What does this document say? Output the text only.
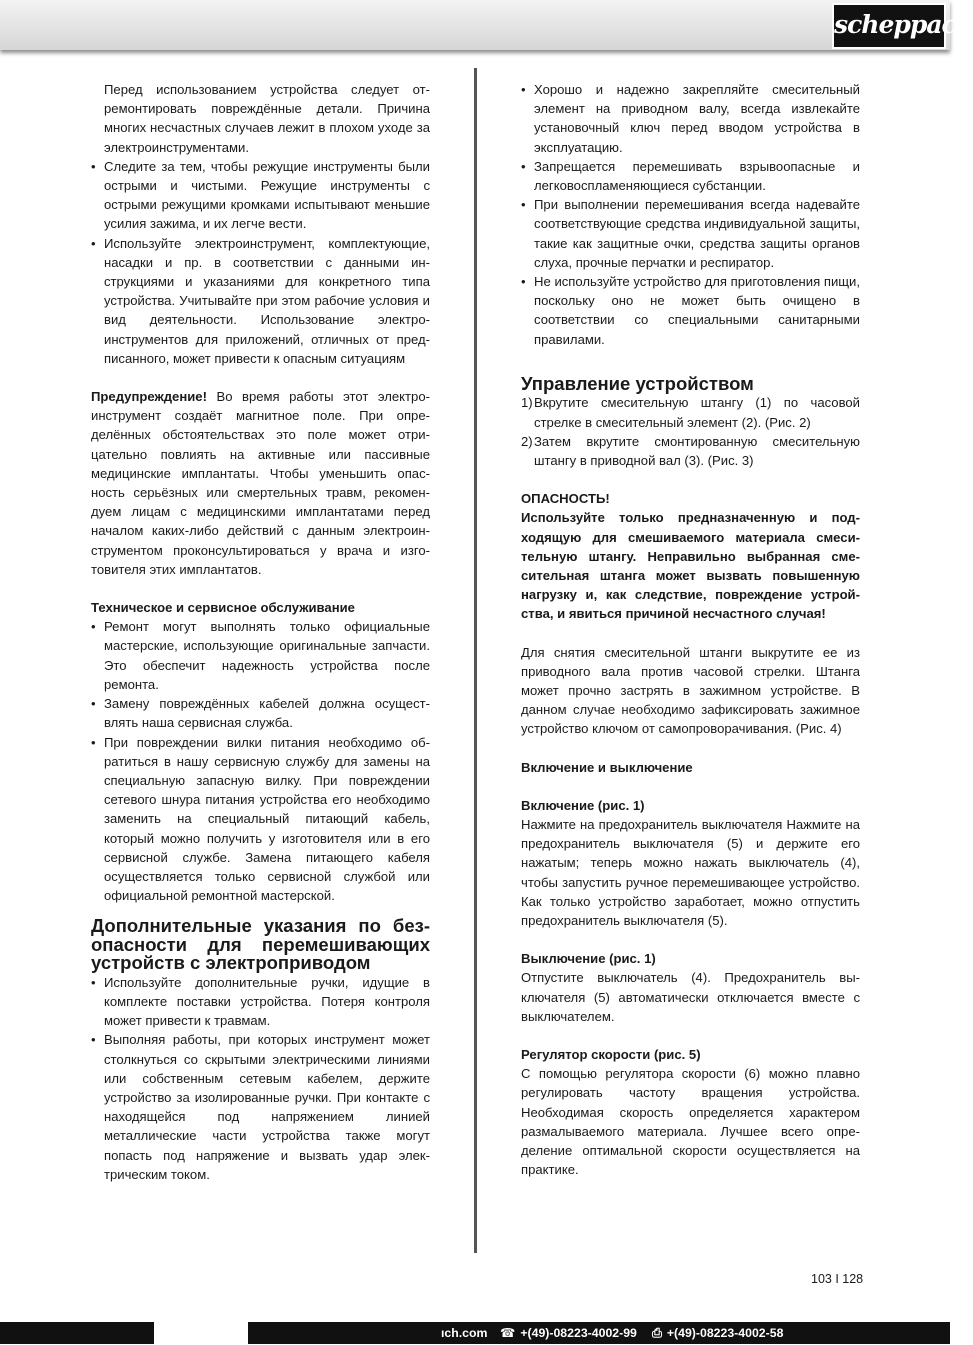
scheppach

Перед использованием устройства следует отремонтировать повреждённые детали. Причина многих несчастных случаев лежит в плохом уходе за электроинструментами.

• Следите за тем, чтобы режущие инструменты были острыми и чистыми. Режущие инструменты с острыми режущими кромками испытывают меньшие усилия зажима, и их легче вести.
• Используйте электроинструмент, комплектующие, насадки и пр. в соответствии с данными инструкциями и указаниями для конкретного типа устройства. Учитывайте при этом рабочие условия и вид деятельности. Использование электроинструментов для приложений, отличных от предписанного, может привести к опасным ситуациям

Предупреждение! Во время работы этот электроинструмент создаёт магнитное поле. При определённых обстоятельствах это поле может отрицательно повлиять на активные или пассивные медицинские имплантаты. Чтобы уменьшить опасность серьёзных или смертельных травм, рекомендуем лицам с медицинскими имплантатами перед началом каких-либо действий с данным электроинструментом проконсультироваться у врача и изготовителя этих имплантатов.

Техническое и сервисное обслуживание
• Ремонт могут выполнять только официальные мастерские, использующие оригинальные запчасти. Это обеспечит надежность устройства после ремонта.
• Замену повреждённых кабелей должна осуществлять наша сервисная служба.
• При повреждении вилки питания необходимо обратиться в нашу сервисную службу для замены на специальную запасную вилку. При повреждении сетевого шнура питания устройства его необходимо заменить на специальный питающий кабель, который можно получить у изготовителя или в его сервисной службе. Замена питающего кабеля осуществляется только сервисной службой или официальной ремонтной мастерской.
Дополнительные указания по безопасности для перемешивающих устройств с электроприводом
• Используйте дополнительные ручки, идущие в комплекте поставки устройства. Потеря контроля может привести к травмам.
• Выполняя работы, при которых инструмент может столкнуться со скрытыми электрическими линиями или собственным сетевым кабелем, держите устройство за изолированные ручки. При контакте с находящейся под напряжением линией металлические части устройства также могут попасть под напряжение и вызвать удар электрическим током.
• Хорошо и надежно закрепляйте смесительный элемент на приводном валу, всегда извлекайте установочный ключ перед вводом устройства в эксплуатацию.
• Запрещается перемешивать взрывоопасные и легковоспламеняющиеся субстанции.
• При выполнении перемешивания всегда надевайте соответствующие средства индивидуальной защиты, такие как защитные очки, средства защиты органов слуха, прочные перчатки и респиратор.
• Не используйте устройство для приготовления пищи, поскольку оно не может быть очищено в соответствии со специальными санитарными правилами.
Управление устройством
1) Вкрутите смесительную штангу (1) по часовой стрелке в смесительный элемент (2). (Рис. 2)
2) Затем вкрутите смонтированную смесительную штангу в приводной вал (3). (Рис. 3)
ОПАСНОСТЬ!

Используйте только предназначенную и подходящую для смешиваемого материала смесительную штангу. Неправильно выбранная смесительная штанга может вызвать повышенную нагрузку и, как следствие, повреждение устройства, и явиться причиной несчастного случая!

Для снятия смесительной штанги выкрутите ее из приводного вала против часовой стрелки. Штанга может прочно застрять в зажимном устройстве. В данном случае необходимо зафиксировать зажимное устройство ключом от самопроворачивания. (Рис. 4)

Включение и выключение
Включение (рис. 1)

Нажмите на предохранитель выключателя Нажмите на предохранитель выключателя (5) и держите его нажатым; теперь можно нажать выключатель (4), чтобы запустить ручное перемешивающее устройство. Как только устройство заработает, можно отпустить предохранитель выключателя (5).

Выключение (рис. 1)

Отпустите выключатель (4). Предохранитель выключателя (5) автоматически отключается вместе с выключателем.

Регулятор скорости (рис. 5)

С помощью регулятора скорости (6) можно плавно регулировать частоту вращения устройства. Необходимая скорость определяется характером размалываемого материала. Лучшее всего определение оптимальной скорости осуществляется на практике.

103 I 128
ıch.com ☎ +(49)-08223-4002-99 ⎙ +(49)-08223-4002-58
